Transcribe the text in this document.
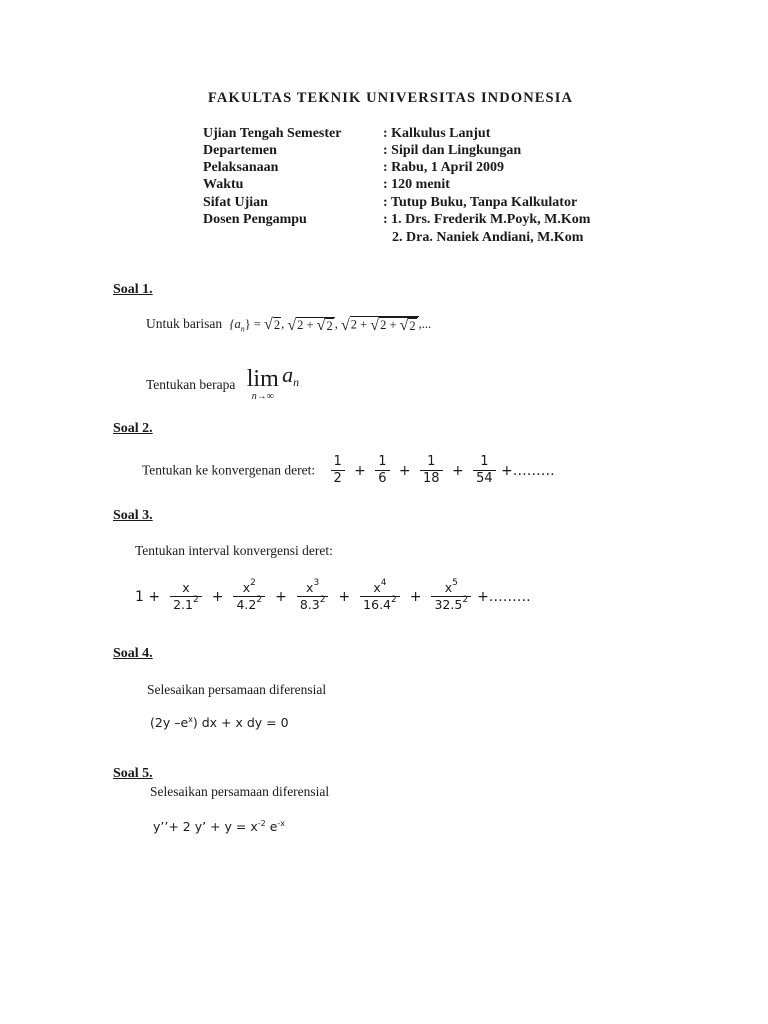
FAKULTAS TEKNIK UNIVERSITAS INDONESIA
Ujian Tengah Semester	: Kalkulus Lanjut
Departemen	: Sipil dan Lingkungan
Pelaksanaan	: Rabu, 1 April 2009
Waktu	: 120 menit
Sifat Ujian	: Tutup Buku, Tanpa Kalkulator
Dosen Pengampu	: 1. Drs. Frederik M.Poyk, M.Kom
2. Dra. Naniek Andiani, M.Kom
Soal 1.
Untuk barisan $\{a_n\}$ = √ 2 , √ 2 + √ 2 , √ 2 + √ 2 + √ 2 ,...
Tentukan berapa lim
n→∞
$a_n$
Soal 2.
Tentukan ke konvergenan deret: $\frac{1}{2} + \frac{1}{6} + \frac{1}{18} + \frac{1}{54}$ +………
Soal 3.
Tentukan interval konvergensi deret:
$1 + \frac{x}{2.1^2} + \frac{x^2}{4.2^2} + \frac{x^3}{8.3^2} + \frac{x^4}{16.4^2} + \frac{x^5}{32.5^2}$ +………
Soal 4.
Selesaikan persamaan diferensial
(2y $-e^x$) dx + x dy = 0
Soal 5.
Selesaikan persamaan diferensial
y’’+ 2 y’ + $y = x^{-2}$ $e^{-x}$
